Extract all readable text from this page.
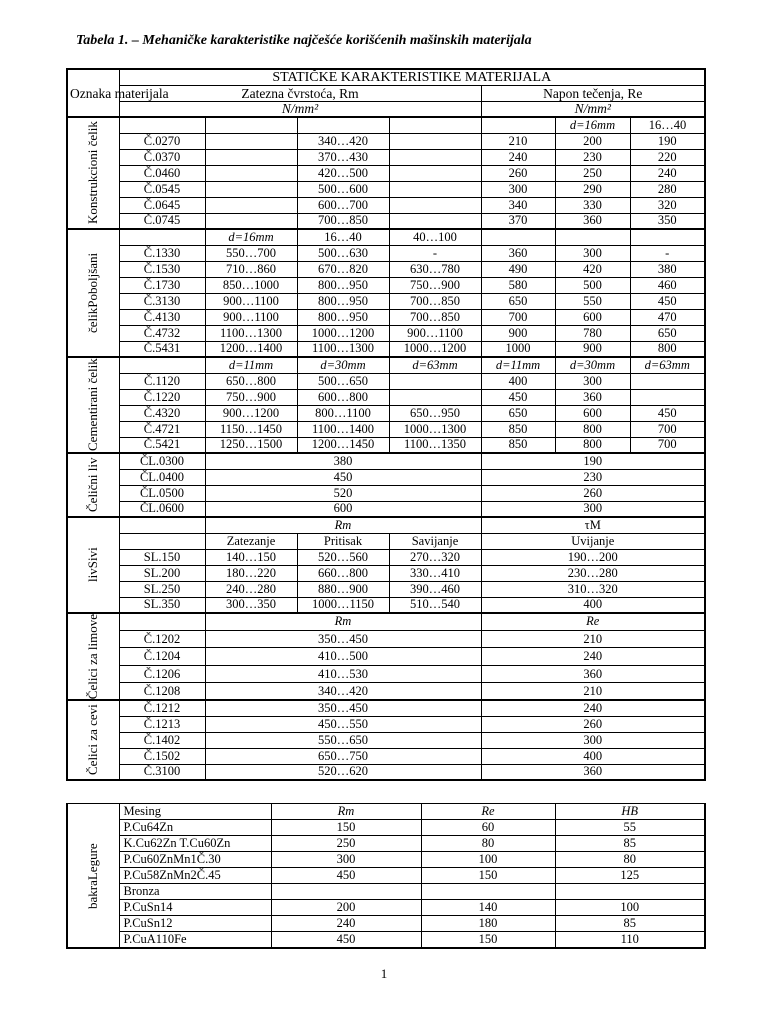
Tabela 1. – Mehaničke karakteristike najčešće korišćenih mašinskih materijala
Oznaka materijala	STATIČKE KARAKTERISTIKE MATERIJALA							
	Zatezna čvrstoća, Rm				Napon tečenja, Re			
	N/mm²				N/mm²			
Konstrukcioni čelik						d=16mm	16…40	
	Č.0270		340…420		210	200	190	
	Č.0370		370…430		240	230	220	
	Č.0460		420…500		260	250	240	
	Č.0545		500…600		300	290	280	
	Č.0645		600…700		340	330	320	
	Č.0745		700…850		370	360	350	
čelikPoboljšani		d=16mm	16…40	40…100				
	Č.1330	550…700	500…630	-	360	300	-	
	Č.1530	710…860	670…820	630…780	490	420	380	
	Č.1730	850…1000	800…950	750…900	580	500	460	
	Č.3130	900…1100	800…950	700…850	650	550	450	
	Č.4130	900…1100	800…950	700…850	700	600	470	
	Č.4732	1100…1300	1000…1200	900…1100	900	780	650	
	Č.5431	1200…1400	1100…1300	1000…1200	1000	900	800	
Cementirani čelik		d=11mm	d=30mm	d=63mm	d=11mm	d=30mm	d=63mm	
	Č.1120	650…800	500…650		400	300		
	Č.1220	750…900	600…800		450	360		
	Č.4320	900…1200	800…1100	650…950	650	600	450	
	Č.4721	1150…1450	1100…1400	1000…1300	850	800	700	
	Č.5421	1250…1500	1200…1450	1100…1350	850	800	700	
Čelični liv	ČL.0300	380			190			
	ČL.0400	450			230			
	ČL.0500	520			260			
	ČL.0600	600			300			
livSivi		Rm			τM			
		Zatezanje	Pritisak	Savijanje	Uvijanje			
	SL.150	140…150	520…560	270…320	190…200			
	SL.200	180…220	660…800	330…410	230…280			
	SL.250	240…280	880…900	390…460	310…320			
	SL.350	300…350	1000…1150	510…540	400			
Čelici za limove		Rm			Re			
	Č.1202	350…450			210			
	Č.1204	410…500			240			
	Č.1206	410…530			360			
	Č.1208	340…420			210			
Čelici za cevi	Č.1212	350…450			240			
	Č.1213	450…550			260			
	Č.1402	550…650			300			
	Č.1502	650…750			400			
	Č.3100	520…620			360			
bakraLegure	Mesing	Rm	Re	HB
	P.Cu64Zn	150	60	55
	K.Cu62Zn T.Cu60Zn	250	80	85
	P.Cu60ZnMn1Č.30	300	100	80
	P.Cu58ZnMn2Č.45	450	150	125
	Bronza			
	P.CuSn14	200	140	100
	P.CuSn12	240	180	85
	P.CuA110Fe	450	150	110
1
